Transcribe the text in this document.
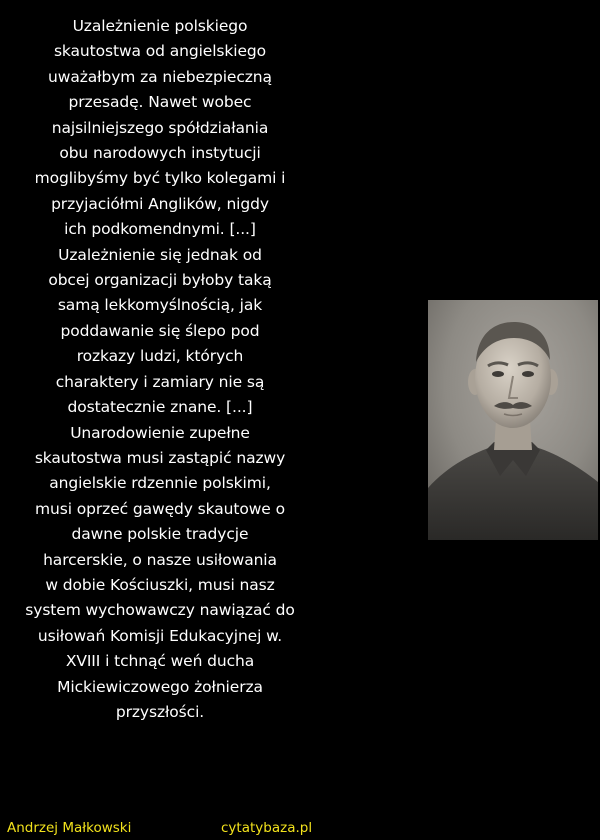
Uzależnienie polskiego
skautostwa od angielskiego
uważałbym za niebezpieczną
przesadę. Nawet wobec
najsilniejszego spółdziałania
obu narodowych instytucji
moglibyśmy być tylko kolegami i
przyjaciółmi Anglików, nigdy
ich podkomendnymi. [...]
Uzależnienie się jednak od
obcej organizacji byłoby taką
samą lekkomyślnością, jak
poddawanie się ślepo pod
rozkazy ludzi, których
charaktery i zamiary nie są
dostatecznie znane. [...]
Unarodowienie zupełne
skautostwa musi zastąpić nazwy
angielskie rdzennie polskimi,
musi oprzeć gawędy skautowe o
dawne polskie tradycje
harcerskie, o nasze usiłowania
w dobie Kościuszki, musi nasz
system wychowawczy nawiązać do
usiłowań Komisji Edukacyjnej w.
XVIII i tchnąć weń ducha
Mickiewiczowego żołnierza
przyszłości.
Andrzej Małkowski	cytatybaza.pl
